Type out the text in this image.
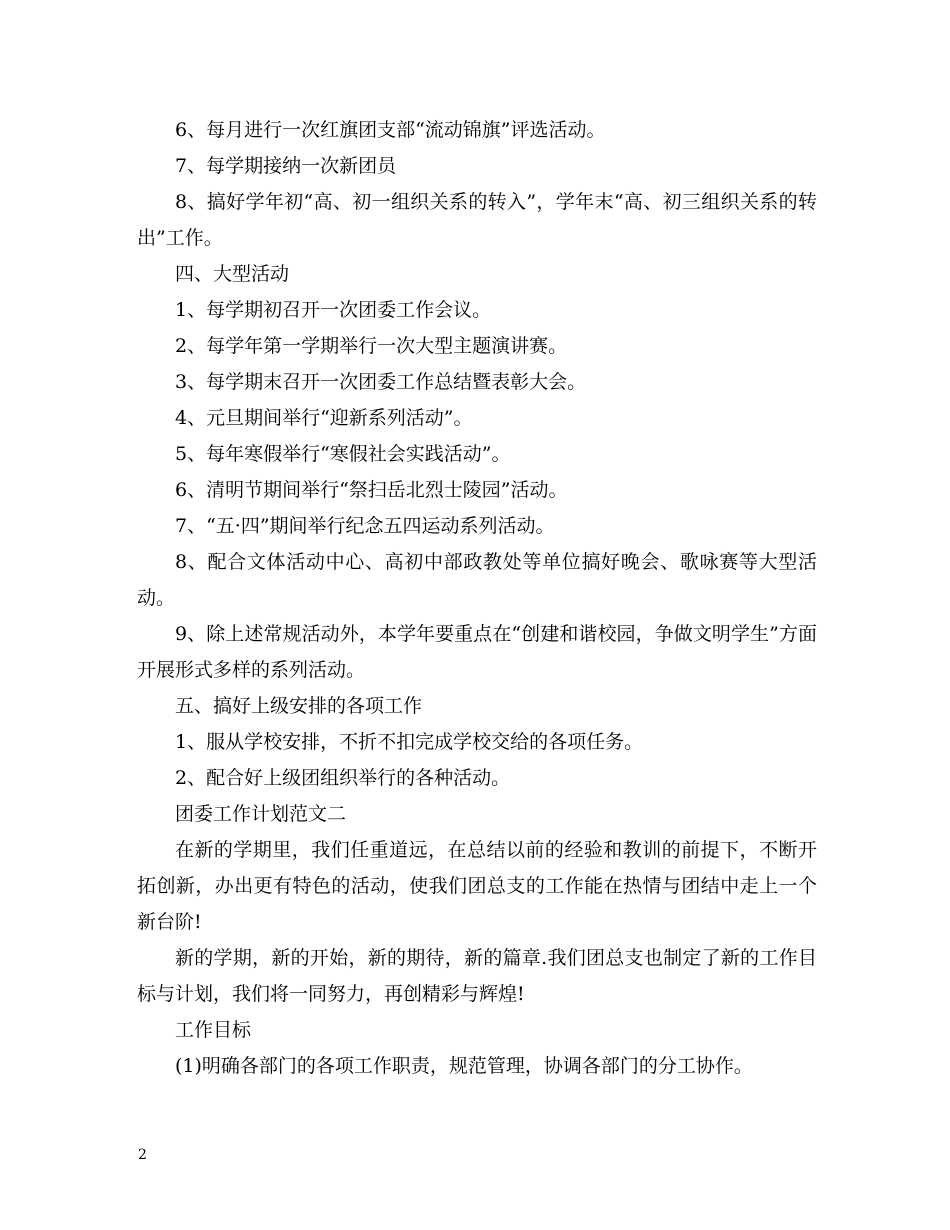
6、每月进行一次红旗团支部“流动锦旗”评选活动。

7、每学期接纳一次新团员

8、搞好学年初“高、初一组织关系的转入”，学年末“高、初三组织关系的转出”工作。

四、大型活动

1、每学期初召开一次团委工作会议。

2、每学年第一学期举行一次大型主题演讲赛。

3、每学期末召开一次团委工作总结暨表彰大会。

4、元旦期间举行“迎新系列活动”。

5、每年寒假举行“寒假社会实践活动”。

6、清明节期间举行“祭扫岳北烈士陵园”活动。

7、“五·四”期间举行纪念五四运动系列活动。

8、配合文体活动中心、高初中部政教处等单位搞好晚会、歌咏赛等大型活动。

9、除上述常规活动外，本学年要重点在“创建和谐校园，争做文明学生”方面开展形式多样的系列活动。

五、搞好上级安排的各项工作

1、服从学校安排，不折不扣完成学校交给的各项任务。

2、配合好上级团组织举行的各种活动。

团委工作计划范文二

在新的学期里，我们任重道远，在总结以前的经验和教训的前提下，不断开拓创新，办出更有特色的活动，使我们团总支的工作能在热情与团结中走上一个新台阶!

新的学期，新的开始，新的期待，新的篇章.我们团总支也制定了新的工作目标与计划，我们将一同努力，再创精彩与辉煌!

工作目标

(1)明确各部门的各项工作职责，规范管理，协调各部门的分工协作。

2
